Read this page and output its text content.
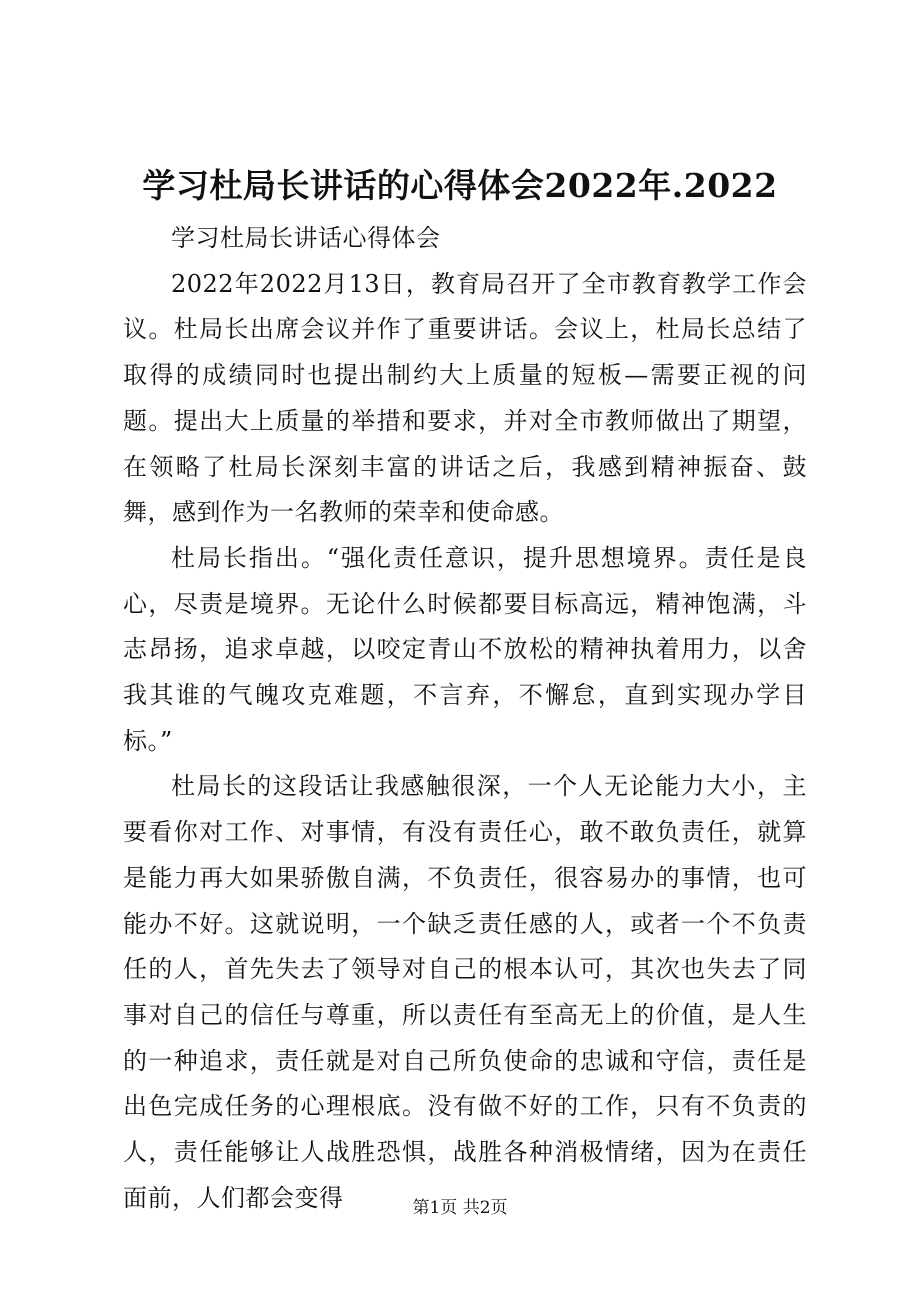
学习杜局长讲话的心得体会2022年.2022

学习杜局长讲话心得体会

2022年2022月13日，教育局召开了全市教育教学工作会议。杜局长出席会议并作了重要讲话。会议上，杜局长总结了取得的成绩同时也提出制约大上质量的短板—需要正视的问题。提出大上质量的举措和要求，并对全市教师做出了期望，在领略了杜局长深刻丰富的讲话之后，我感到精神振奋、鼓舞，感到作为一名教师的荣幸和使命感。

杜局长指出。“强化责任意识，提升思想境界。责任是良心，尽责是境界。无论什么时候都要目标高远，精神饱满，斗志昂扬，追求卓越，以咬定青山不放松的精神执着用力，以舍我其谁的气魄攻克难题，不言弃，不懈怠，直到实现办学目标。”

杜局长的这段话让我感触很深，一个人无论能力大小，主要看你对工作、对事情，有没有责任心，敢不敢负责任，就算是能力再大如果骄傲自满，不负责任，很容易办的事情，也可能办不好。这就说明，一个缺乏责任感的人，或者一个不负责任的人，首先失去了领导对自己的根本认可，其次也失去了同事对自己的信任与尊重，所以责任有至高无上的价值，是人生的一种追求，责任就是对自己所负使命的忠诚和守信，责任是出色完成任务的心理根底。没有做不好的工作，只有不负责的人，责任能够让人战胜恐惧，战胜各种消极情绪，因为在责任面前，人们都会变得	第1页 共2页
